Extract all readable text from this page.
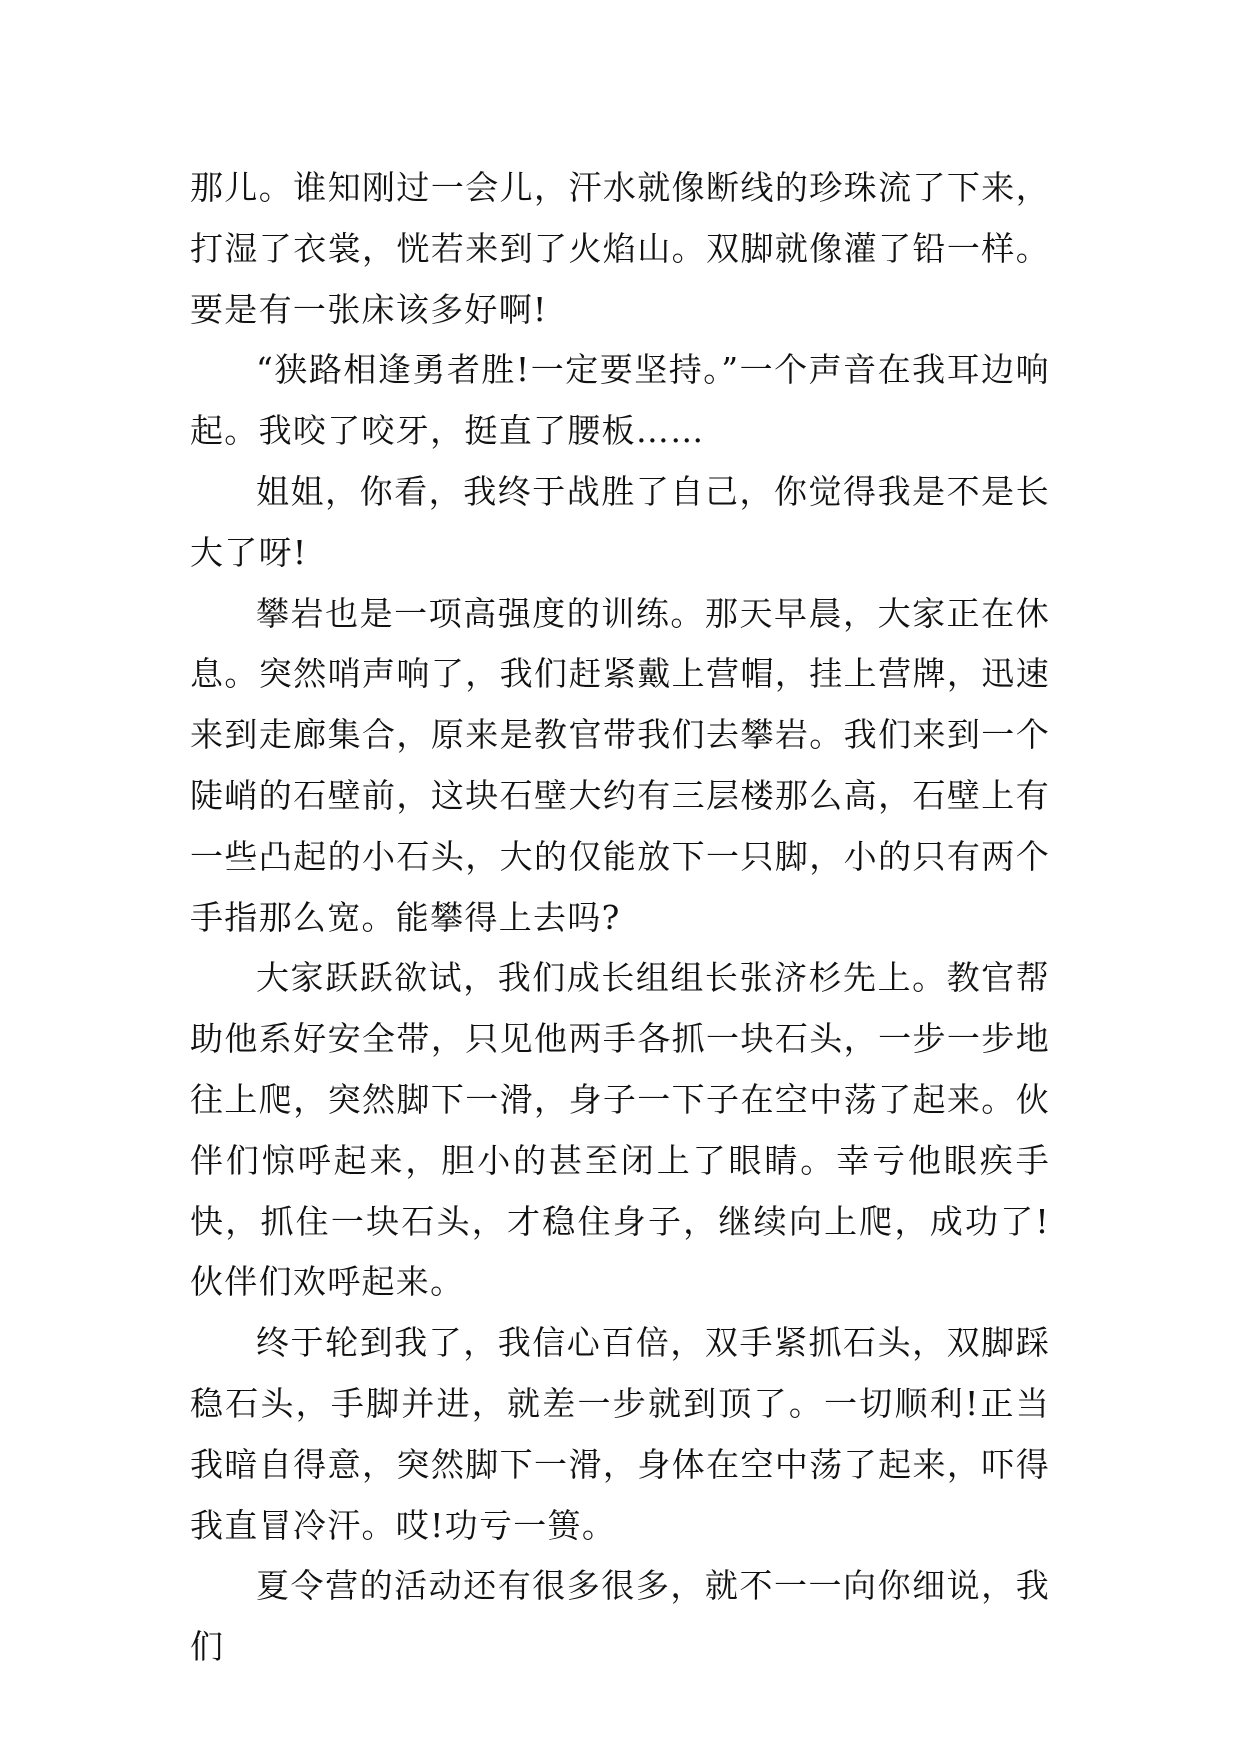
那儿。谁知刚过一会儿，汗水就像断线的珍珠流了下来，打湿了衣裳，恍若来到了火焰山。双脚就像灌了铅一样。要是有一张床该多好啊!

“狭路相逢勇者胜!一定要坚持。”一个声音在我耳边响起。我咬了咬牙，挺直了腰板……

姐姐，你看，我终于战胜了自己，你觉得我是不是长大了呀!

攀岩也是一项高强度的训练。那天早晨，大家正在休息。突然哨声响了，我们赶紧戴上营帽，挂上营牌，迅速来到走廊集合，原来是教官带我们去攀岩。我们来到一个陡峭的石壁前，这块石壁大约有三层楼那么高，石壁上有一些凸起的小石头，大的仅能放下一只脚，小的只有两个手指那么宽。能攀得上去吗?

大家跃跃欲试，我们成长组组长张济杉先上。教官帮助他系好安全带，只见他两手各抓一块石头，一步一步地往上爬，突然脚下一滑，身子一下子在空中荡了起来。伙伴们惊呼起来，胆小的甚至闭上了眼睛。幸亏他眼疾手快，抓住一块石头，才稳住身子，继续向上爬，成功了!伙伴们欢呼起来。

终于轮到我了，我信心百倍，双手紧抓石头，双脚踩稳石头，手脚并进，就差一步就到顶了。一切顺利!正当我暗自得意，突然脚下一滑，身体在空中荡了起来，吓得我直冒冷汗。哎!功亏一篑。

夏令营的活动还有很多很多，就不一一向你细说，我们
